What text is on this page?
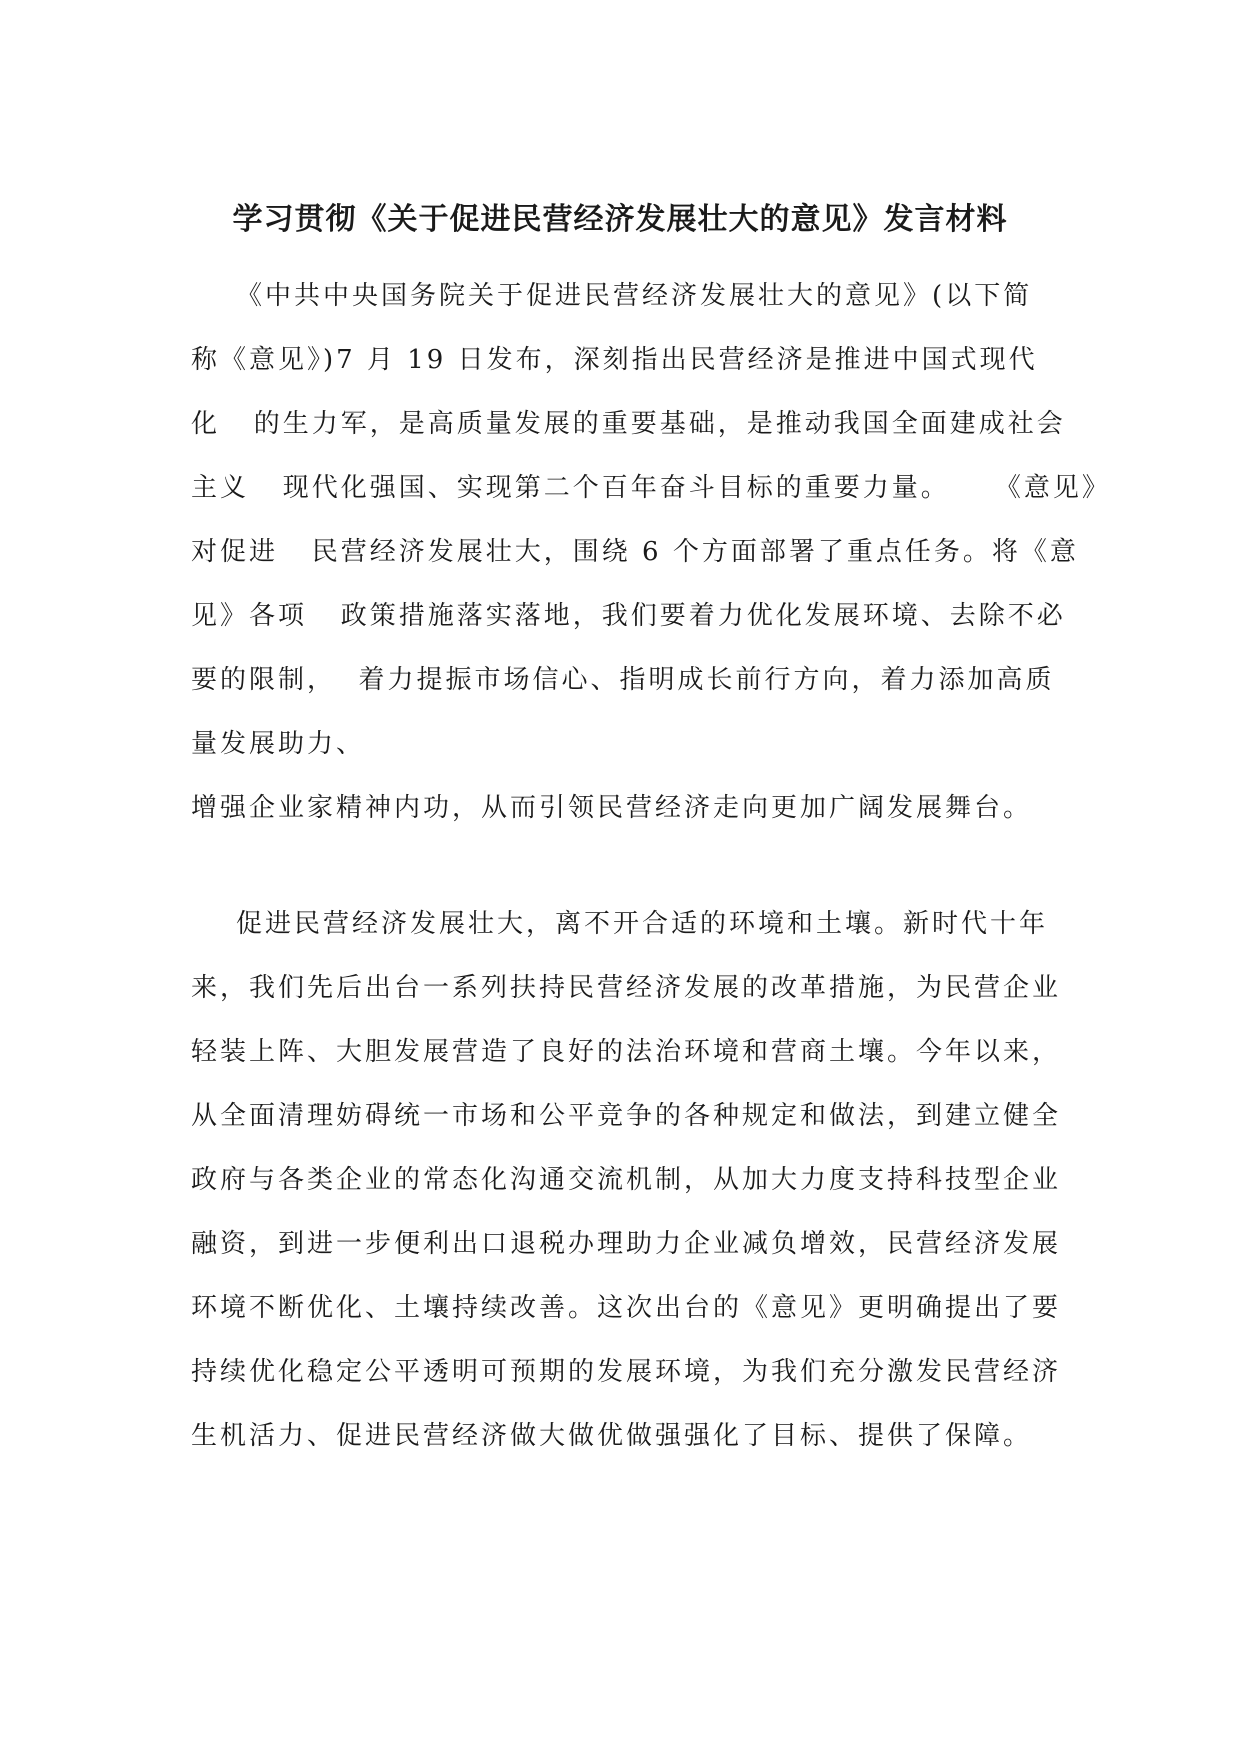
学习贯彻《关于促进民营经济发展壮大的意见》发言材料
《中共中央国务院关于促进民营经济发展壮大的意见》(以下简
称《意见》)7 月 19 日发布，深刻指出民营经济是推进中国式现代
化   的生力军，是高质量发展的重要基础，是推动我国全面建成社会
主义   现代化强国、实现第二个百年奋斗目标的重要力量。    《意见》
对促进   民营经济发展壮大，围绕 6 个方面部署了重点任务。将《意
见》各项   政策措施落实落地，我们要着力优化发展环境、去除不必
要的限制，  着力提振市场信心、指明成长前行方向，着力添加高质
量发展助力、
增强企业家精神内功，从而引领民营经济走向更加广阔发展舞台。
促进民营经济发展壮大，离不开合适的环境和土壤。新时代十年
来，我们先后出台一系列扶持民营经济发展的改革措施，为民营企业
轻装上阵、大胆发展营造了良好的法治环境和营商土壤。今年以来，
从全面清理妨碍统一市场和公平竞争的各种规定和做法，到建立健全
政府与各类企业的常态化沟通交流机制，从加大力度支持科技型企业
融资，到进一步便利出口退税办理助力企业减负增效，民营经济发展
环境不断优化、土壤持续改善。这次出台的《意见》更明确提出了要
持续优化稳定公平透明可预期的发展环境，为我们充分激发民营经济
生机活力、促进民营经济做大做优做强强化了目标、提供了保障。
